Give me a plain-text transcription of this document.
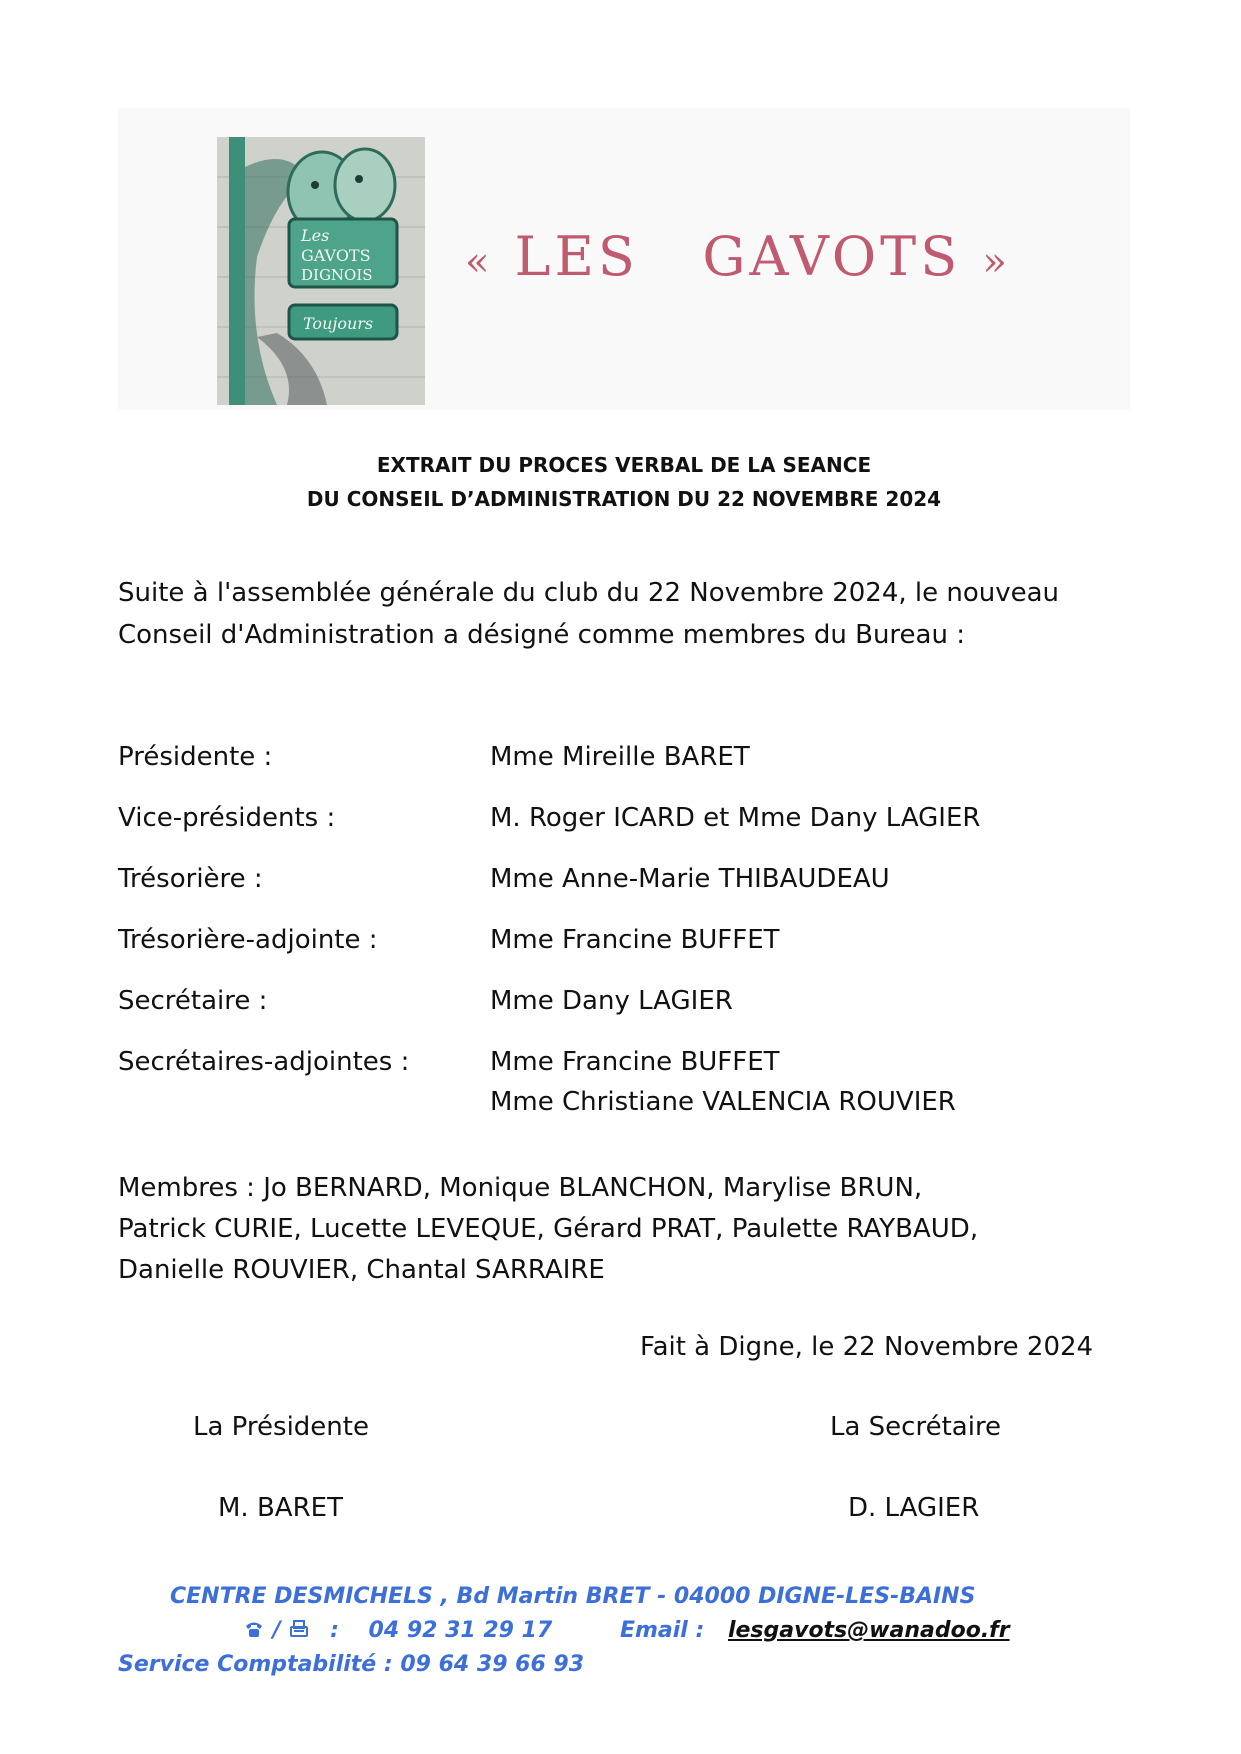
Les
GAVOTS
DIGNOIS
Toujours
« LES   GAVOTS »
EXTRAIT DU PROCES VERBAL DE LA SEANCE
DU CONSEIL D’ADMINISTRATION DU 22 NOVEMBRE 2024
Suite à l'assemblée générale du club du 22 Novembre 2024, le nouveau
Conseil d'Administration a désigné comme membres du Bureau :
Présidente :	Mme Mireille BARET
Vice-présidents :	M. Roger ICARD et Mme Dany LAGIER
Trésorière :	Mme Anne-Marie THIBAUDEAU
Trésorière-adjointe :	Mme Francine BUFFET
Secrétaire :	Mme Dany LAGIER
Secrétaires-adjointes :	Mme Francine BUFFET
Mme Christiane VALENCIA ROUVIER
Membres : Jo BERNARD, Monique BLANCHON, Marylise BRUN,
Patrick CURIE, Lucette LEVEQUE, Gérard PRAT, Paulette RAYBAUD,
Danielle ROUVIER, Chantal SARRAIRE
Fait à Digne, le 22 Novembre 2024
La Présidente
M. BARET
La Secrétaire
D. LAGIER
CENTRE DESMICHELS , Bd Martin BRET - 04000 DIGNE-LES-BAINS
/ : 04 92 31 29 17	Email : lesgavots@wanadoo.fr
Service Comptabilité : 09 64 39 66 93
